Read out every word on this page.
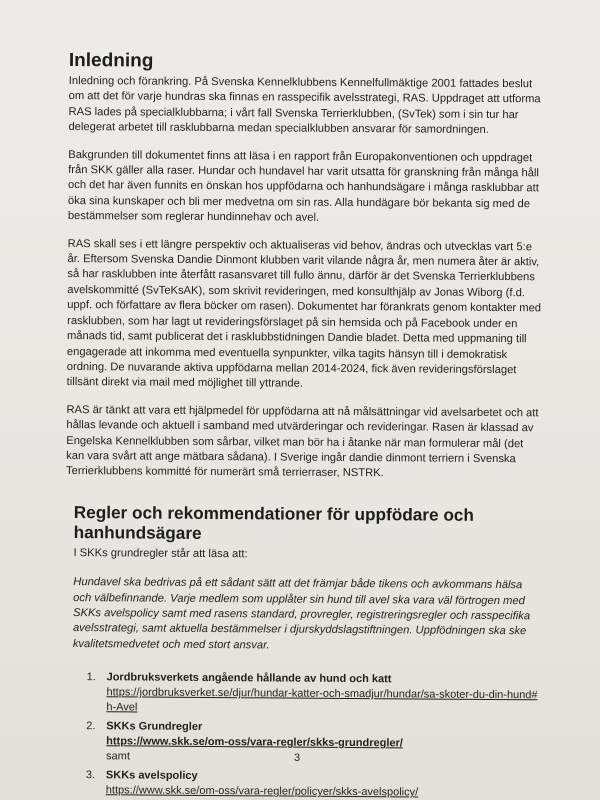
Inledning

Inledning och förankring. På Svenska Kennelklubbens Kennelfullmäktige 2001 fattades beslut om att det för varje hundras ska finnas en rasspecifik avelsstrategi, RAS. Uppdraget att utforma RAS lades på specialklubbarna; i vårt fall Svenska Terrierklubben, (SvTek) som i sin tur har delegerat arbetet till rasklubbarna medan specialklubben ansvarar för samordningen.

Bakgrunden till dokumentet finns att läsa i en rapport från Europakonventionen och uppdraget från SKK gäller alla raser. Hundar och hundavel har varit utsatta för granskning från många håll och det har även funnits en önskan hos uppfödarna och hanhundsägare i många rasklubbar att öka sina kunskaper och bli mer medvetna om sin ras. Alla hundägare bör bekanta sig med de bestämmelser som reglerar hundinnehav och avel.

RAS skall ses i ett längre perspektiv och aktualiseras vid behov, ändras och utvecklas vart 5:e år. Eftersom Svenska Dandie Dinmont klubben varit vilande några år, men numera åter är aktiv, så har rasklubben inte återfått rasansvaret till fullo ännu, därför är det Svenska Terrierklubbens avelskommitté (SvTeKsAK), som skrivit revideringen, med konsulthjälp av Jonas Wiborg (f.d. uppf. och författare av flera böcker om rasen). Dokumentet har förankrats genom kontakter med rasklubben, som har lagt ut revideringsförslaget på sin hemsida och på Facebook under en månads tid, samt publicerat det i rasklubbstidningen Dandie bladet. Detta med uppmaning till engagerade att inkomma med eventuella synpunkter, vilka tagits hänsyn till i demokratisk ordning. De nuvarande aktiva uppfödarna mellan 2014-2024, fick även revideringsförslaget tillsänt direkt via mail med möjlighet till yttrande.

RAS är tänkt att vara ett hjälpmedel för uppfödarna att nå målsättningar vid avelsarbetet och att hållas levande och aktuell i samband med utvärderingar och revideringar. Rasen är klassad av Engelska Kennelklubben som sårbar, vilket man bör ha i åtanke när man formulerar mål (det kan vara svårt att ange mätbara sådana). I Sverige ingår dandie dinmont terriern i Svenska Terrierklubbens kommitté för numerärt små terrierraser, NSTRK.

Regler och rekommendationer för uppfödare och hanhundsägare

I SKKs grundregler står att läsa att:

Hundavel ska bedrivas på ett sådant sätt att det främjar både tikens och avkommans hälsa och välbefinnande. Varje medlem som upplåter sin hund till avel ska vara väl förtrogen med SKKs avelspolicy samt med rasens standard, provregler, registreringsregler och rasspecifika avelsstrategi, samt aktuella bestämmelser i djurskyddslagstiftningen. Uppfödningen ska ske kvalitetsmedvetet och med stort ansvar.

1. Jordbruksverkets angående hållande av hund och katt
https://jordbruksverket.se/djur/hundar-katter-och-smadjur/hundar/sa-skoter-du-din-hund#h-Avel
2. SKKs Grundregler
https://www.skk.se/om-oss/vara-regler/skks-grundregler/
samt
3. SKKs avelspolicy
https://www.skk.se/om-oss/vara-regler/policyer/skks-avelspolicy/
3
